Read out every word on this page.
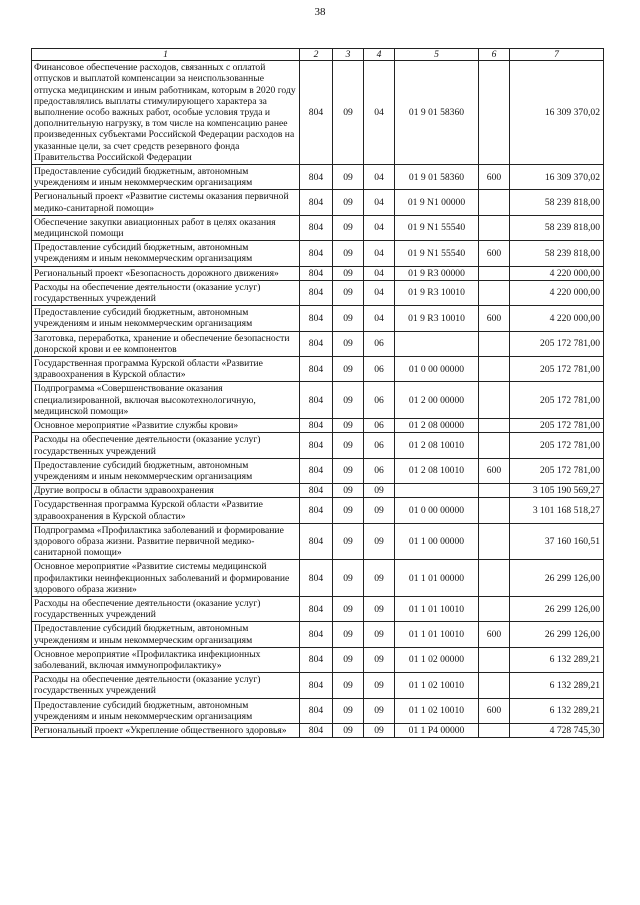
38
1	2	3	4	5	6	7
Финансовое обеспечение расходов, связанных с оплатой отпусков и выплатой компенсации за неиспользованные отпуска медицинским и иным работникам, которым в 2020 году предоставлялись выплаты стимулирующего характера за выполнение особо важных работ, особые условия труда и дополнительную нагрузку, в том числе на компенсацию ранее произведенных субъектами Российской Федерации расходов на указанные цели, за счет средств резервного фонда Правительства Российской Федерации	804	09	04	01 9 01 58360		16 309 370,02
Предоставление субсидий бюджетным, автономным учреждениям и иным некоммерческим организациям	804	09	04	01 9 01 58360	600	16 309 370,02
Региональный проект «Развитие системы оказания первичной медико-санитарной помощи»	804	09	04	01 9 N1 00000		58 239 818,00
Обеспечение закупки авиационных работ в целях оказания медицинской помощи	804	09	04	01 9 N1 55540		58 239 818,00
Предоставление субсидий бюджетным, автономным учреждениям и иным некоммерческим организациям	804	09	04	01 9 N1 55540	600	58 239 818,00
Региональный проект «Безопасность дорожного движения»	804	09	04	01 9 R3 00000		4 220 000,00
Расходы на обеспечение деятельности (оказание услуг) государственных учреждений	804	09	04	01 9 R3 10010		4 220 000,00
Предоставление субсидий бюджетным, автономным учреждениям и иным некоммерческим организациям	804	09	04	01 9 R3 10010	600	4 220 000,00
Заготовка, переработка, хранение и обеспечение безопасности донорской крови и ее компонентов	804	09	06			205 172 781,00
Государственная программа Курской области «Развитие здравоохранения в Курской области»	804	09	06	01 0 00 00000		205 172 781,00
Подпрограмма «Совершенствование оказания специализированной, включая высокотехнологичную, медицинской помощи»	804	09	06	01 2 00 00000		205 172 781,00
Основное мероприятие «Развитие службы крови»	804	09	06	01 2 08 00000		205 172 781,00
Расходы на обеспечение деятельности (оказание услуг) государственных учреждений	804	09	06	01 2 08 10010		205 172 781,00
Предоставление субсидий бюджетным, автономным учреждениям и иным некоммерческим организациям	804	09	06	01 2 08 10010	600	205 172 781,00
Другие вопросы в области здравоохранения	804	09	09			3 105 190 569,27
Государственная программа Курской области «Развитие здравоохранения в Курской области»	804	09	09	01 0 00 00000		3 101 168 518,27
Подпрограмма «Профилактика заболеваний и формирование здорового образа жизни. Развитие первичной медико-санитарной помощи»	804	09	09	01 1 00 00000		37 160 160,51
Основное мероприятие «Развитие системы медицинской профилактики неинфекционных заболеваний и формирование здорового образа жизни»	804	09	09	01 1 01 00000		26 299 126,00
Расходы на обеспечение деятельности (оказание услуг) государственных учреждений	804	09	09	01 1 01 10010		26 299 126,00
Предоставление субсидий бюджетным, автономным учреждениям и иным некоммерческим организациям	804	09	09	01 1 01 10010	600	26 299 126,00
Основное мероприятие «Профилактика инфекционных заболеваний, включая иммунопрофилактику»	804	09	09	01 1 02 00000		6 132 289,21
Расходы на обеспечение деятельности (оказание услуг) государственных учреждений	804	09	09	01 1 02 10010		6 132 289,21
Предоставление субсидий бюджетным, автономным учреждениям и иным некоммерческим организациям	804	09	09	01 1 02 10010	600	6 132 289,21
Региональный проект «Укрепление общественного здоровья»	804	09	09	01 1 P4 00000		4 728 745,30
